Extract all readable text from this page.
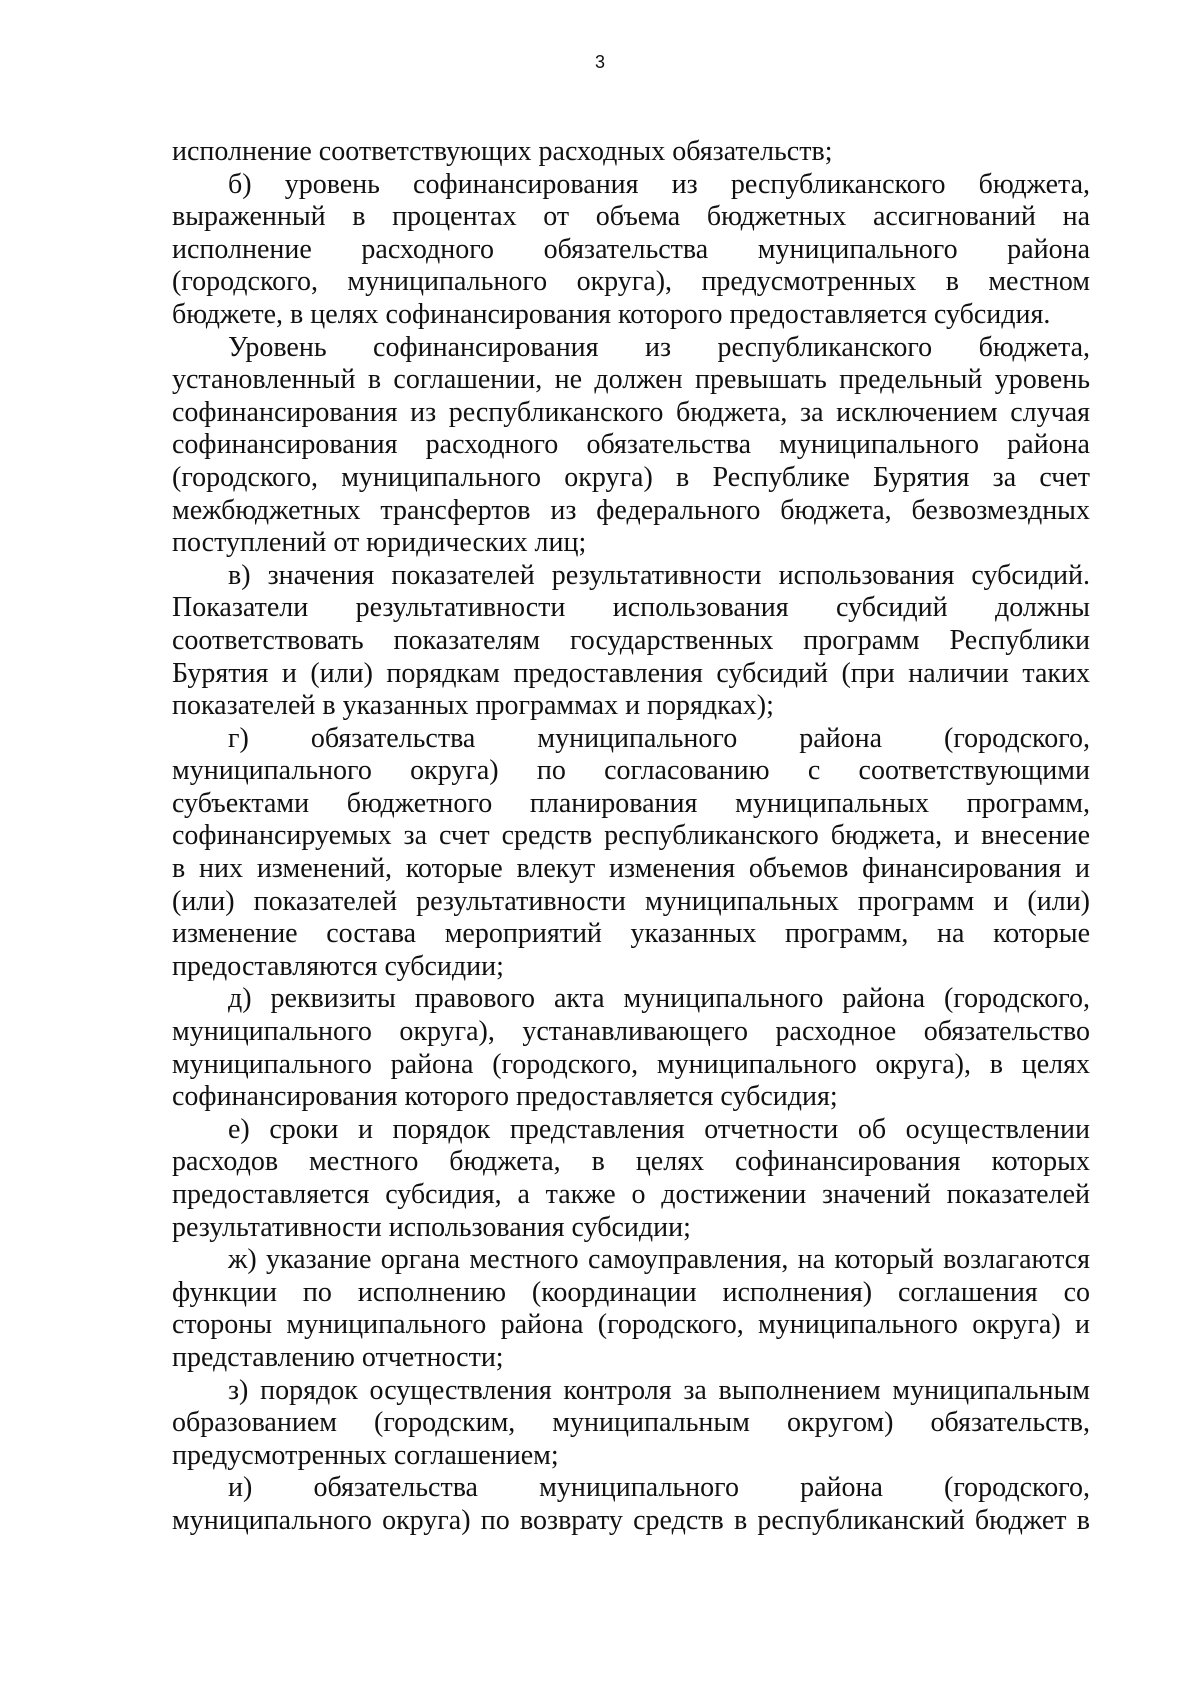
3
исполнение соответствующих расходных обязательств;
б) уровень софинансирования из республиканского бюджета,
выраженный в процентах от объема бюджетных ассигнований на
исполнение расходного обязательства муниципального района
(городского, муниципального округа), предусмотренных в местном
бюджете, в целях софинансирования которого предоставляется субсидия.
Уровень софинансирования из республиканского бюджета,
установленный в соглашении, не должен превышать предельный уровень
софинансирования из республиканского бюджета, за исключением случая
софинансирования расходного обязательства муниципального района
(городского, муниципального округа) в Республике Бурятия за счет
межбюджетных трансфертов из федерального бюджета, безвозмездных
поступлений от юридических лиц;
в) значения показателей результативности использования субсидий.
Показатели результативности использования субсидий должны
соответствовать показателям государственных программ Республики
Бурятия и (или) порядкам предоставления субсидий (при наличии таких
показателей в указанных программах и порядках);
г) обязательства муниципального района (городского,
муниципального округа) по согласованию с соответствующими
субъектами бюджетного планирования муниципальных программ,
софинансируемых за счет средств республиканского бюджета, и внесение
в них изменений, которые влекут изменения объемов финансирования и
(или) показателей результативности муниципальных программ и (или)
изменение состава мероприятий указанных программ, на которые
предоставляются субсидии;
д) реквизиты правового акта муниципального района (городского,
муниципального округа), устанавливающего расходное обязательство
муниципального района (городского, муниципального округа), в целях
софинансирования которого предоставляется субсидия;
е) сроки и порядок представления отчетности об осуществлении
расходов местного бюджета, в целях софинансирования которых
предоставляется субсидия, а также о достижении значений показателей
результативности использования субсидии;
ж) указание органа местного самоуправления, на который возлагаются
функции по исполнению (координации исполнения) соглашения со
стороны муниципального района (городского, муниципального округа) и
представлению отчетности;
з) порядок осуществления контроля за выполнением муниципальным
образованием (городским, муниципальным округом) обязательств,
предусмотренных соглашением;
и) обязательства муниципального района (городского,
муниципального округа) по возврату средств в республиканский бюджет в
